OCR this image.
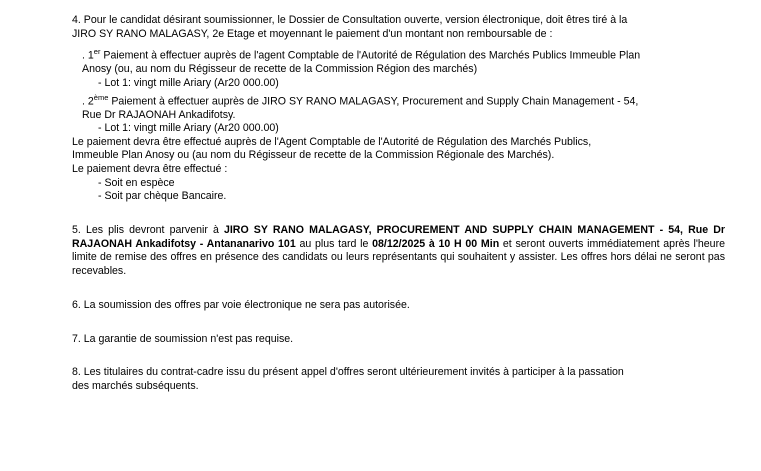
4. Pour le candidat désirant soumissionner, le Dossier de Consultation ouverte, version électronique, doit êtres tiré à la

JIRO SY RANO MALAGASY, 2e Etage et moyennant le paiement d'un montant non remboursable de :

. 1er Paiement à effectuer auprès de l'agent Comptable de l'Autorité de Régulation des Marchés Publics Immeuble Plan

Anosy (ou, au nom du Régisseur de recette de la Commission Région des marchés)

- Lot 1: vingt mille Ariary (Ar20 000.00)

. 2ème Paiement à effectuer auprès de JIRO SY RANO MALAGASY, Procurement and Supply Chain Management - 54,

Rue Dr RAJAONAH Ankadifotsy.

- Lot 1: vingt mille Ariary (Ar20 000.00)

Le paiement devra être effectué auprès de l'Agent Comptable de l'Autorité de Régulation des Marchés Publics,

Immeuble Plan Anosy ou (au nom du Régisseur de recette de la Commission Régionale des Marchés).

Le paiement devra être effectué :

- Soit en espèce

- Soit par chèque Bancaire.

5. Les plis devront parvenir à JIRO SY RANO MALAGASY, PROCUREMENT AND SUPPLY CHAIN MANAGEMENT - 54, Rue Dr RAJAONAH Ankadifotsy - Antananarivo 101 au plus tard le 08/12/2025 à 10 H 00 Min et seront ouverts immédiatement après l'heure limite de remise des offres en présence des candidats ou leurs représentants qui souhaitent y assister. Les offres hors délai ne seront pas recevables.

6. La soumission des offres par voie électronique ne sera pas autorisée.

7. La garantie de soumission n'est pas requise.

8. Les titulaires du contrat-cadre issu du présent appel d'offres seront ultérieurement invités à participer à la passation

des marchés subséquents.
